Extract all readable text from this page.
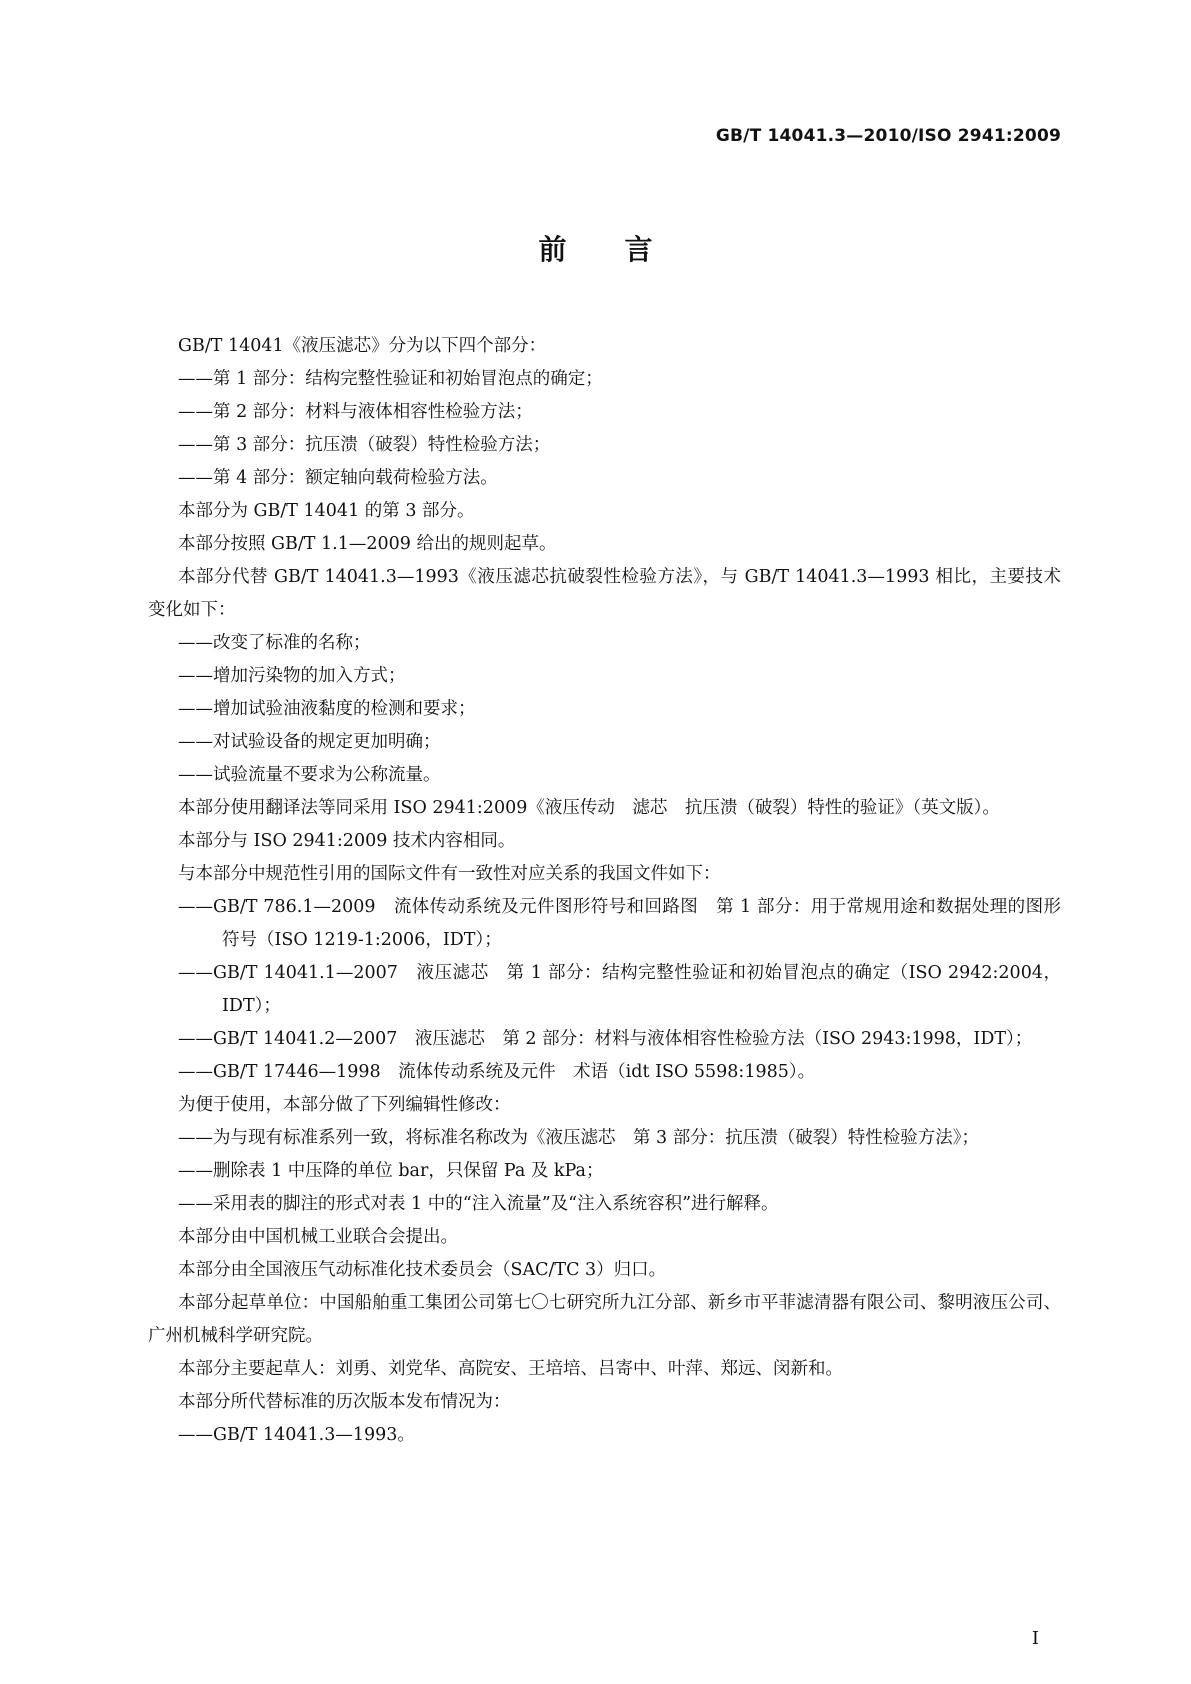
GB/T 14041.3—2010/ISO 2941:2009
前 言

GB/T 14041《液压滤芯》分为以下四个部分：

——第 1 部分：结构完整性验证和初始冒泡点的确定；

——第 2 部分：材料与液体相容性检验方法；

——第 3 部分：抗压溃（破裂）特性检验方法；

——第 4 部分：额定轴向载荷检验方法。

本部分为 GB/T 14041 的第 3 部分。

本部分按照 GB/T 1.1—2009 给出的规则起草。

本部分代替 GB/T 14041.3—1993《液压滤芯抗破裂性检验方法》，与 GB/T 14041.3—1993 相比，主要技术变化如下：

——改变了标准的名称；

——增加污染物的加入方式；

——增加试验油液黏度的检测和要求；

——对试验设备的规定更加明确；

——试验流量不要求为公称流量。

本部分使用翻译法等同采用 ISO 2941:2009《液压传动　滤芯　抗压溃（破裂）特性的验证》（英文版）。

本部分与 ISO 2941:2009 技术内容相同。

与本部分中规范性引用的国际文件有一致性对应关系的我国文件如下：

——GB/T 786.1—2009　流体传动系统及元件图形符号和回路图　第 1 部分：用于常规用途和数据处理的图形符号（ISO 1219-1:2006，IDT）；

——GB/T 14041.1—2007　液压滤芯　第 1 部分：结构完整性验证和初始冒泡点的确定（ISO 2942:2004，IDT）；

——GB/T 14041.2—2007　液压滤芯　第 2 部分：材料与液体相容性检验方法（ISO 2943:1998，IDT）；

——GB/T 17446—1998　流体传动系统及元件　术语（idt ISO 5598:1985）。

为便于使用，本部分做了下列编辑性修改：

——为与现有标准系列一致，将标准名称改为《液压滤芯　第 3 部分：抗压溃（破裂）特性检验方法》；

——删除表 1 中压降的单位 bar，只保留 Pa 及 kPa；

——采用表的脚注的形式对表 1 中的“注入流量”及“注入系统容积”进行解释。

本部分由中国机械工业联合会提出。

本部分由全国液压气动标准化技术委员会（SAC/TC 3）归口。

本部分起草单位：中国船舶重工集团公司第七〇七研究所九江分部、新乡市平菲滤清器有限公司、黎明液压公司、广州机械科学研究院。

本部分主要起草人：刘勇、刘党华、高院安、王培培、吕寄中、叶萍、郑远、闵新和。

本部分所代替标准的历次版本发布情况为：

——GB/T 14041.3—1993。

I
